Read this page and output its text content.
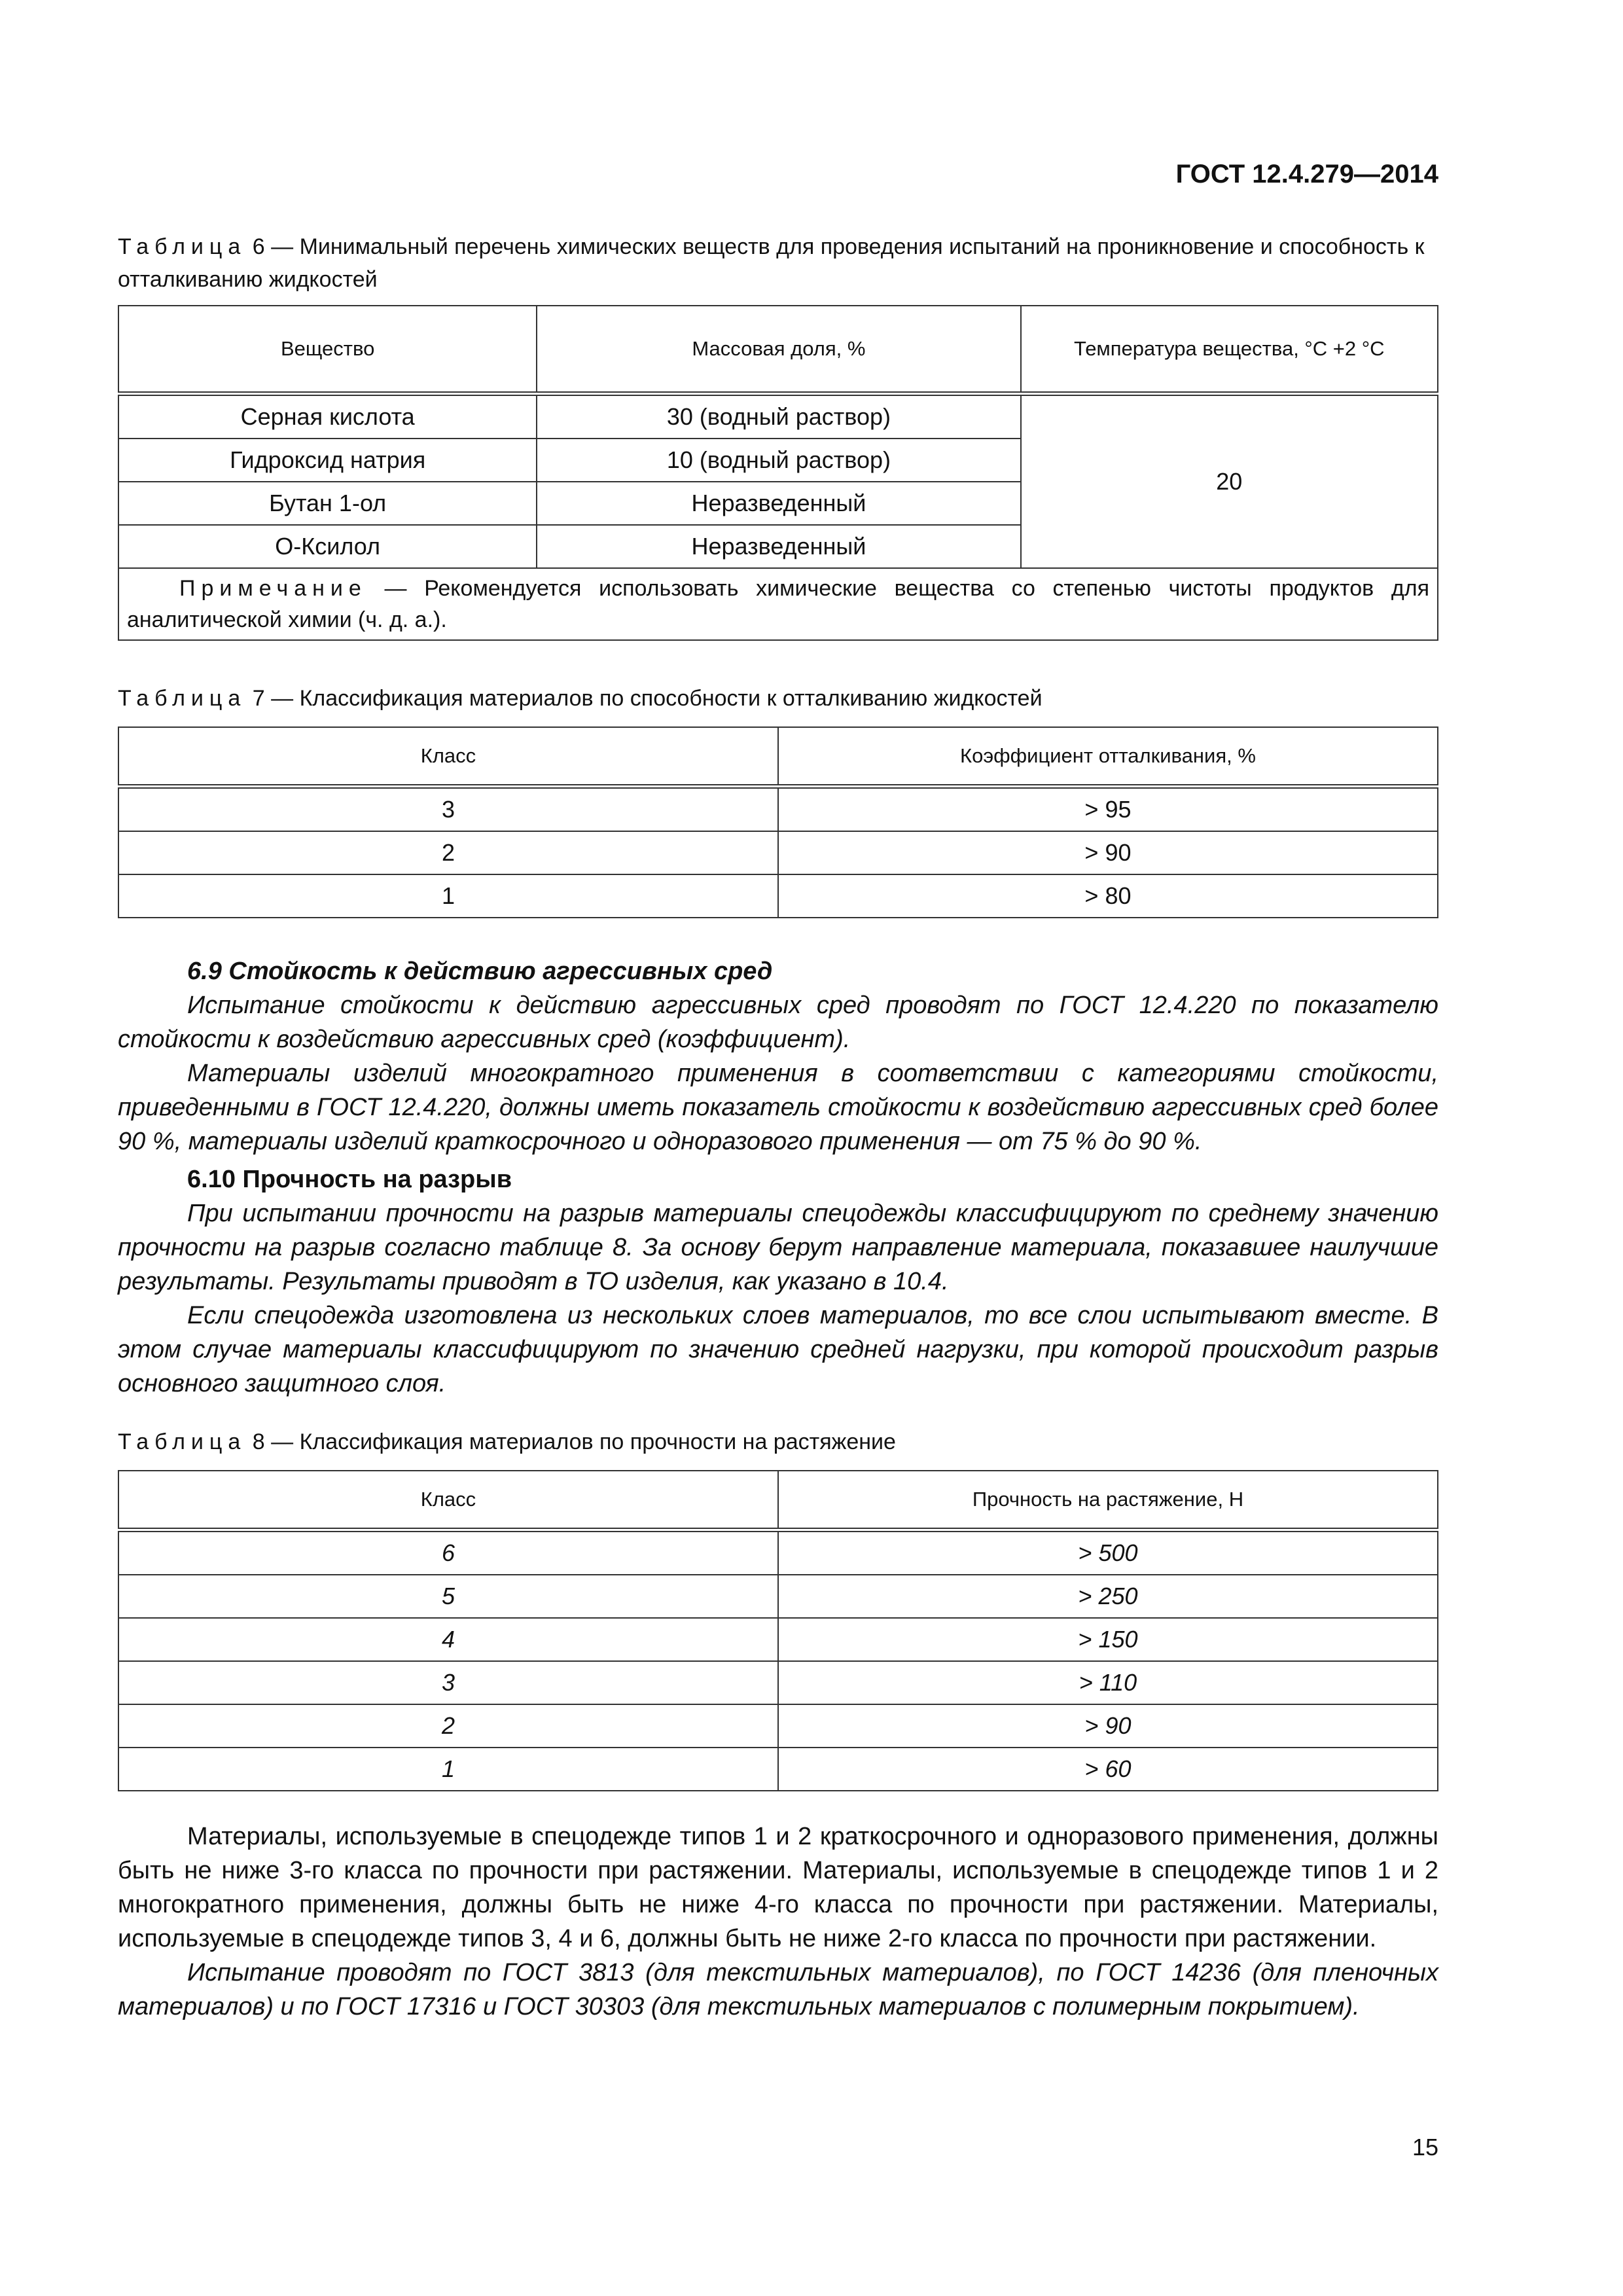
ГОСТ 12.4.279—2014
Таблица 6 — Минимальный перечень химических веществ для проведения испытаний на проникновение и способность к отталкиванию жидкостей
Вещество	Массовая доля, %	Температура вещества, °С +2 °С
Серная кислота	30 (водный раствор)	20
Гидроксид натрия	10 (водный раствор)	
Бутан 1-ол	Неразведенный	
О-Ксилол	Неразведенный	
Примечание — Рекомендуется использовать химические вещества со степенью чистоты продуктов для аналитической химии (ч. д. а.).		
Таблица 7 — Классификация материалов по способности к отталкиванию жидкостей
Класс	Коэффициент отталкивания, %
3	> 95
2	> 90
1	> 80
6.9 Стойкость к действию агрессивных сред

Испытание стойкости к действию агрессивных сред проводят по ГОСТ 12.4.220 по показателю стойкости к воздействию агрессивных сред (коэффициент).

Материалы изделий многократного применения в соответствии с категориями стойкости, приведенными в ГОСТ 12.4.220, должны иметь показатель стойкости к воздействию агрессивных сред более 90 %, материалы изделий краткосрочного и одноразового применения — от 75 % до 90 %.

6.10 Прочность на разрыв

При испытании прочности на разрыв материалы спецодежды классифицируют по среднему значению прочности на разрыв согласно таблице 8. За основу берут направление материала, показавшее наилучшие результаты. Результаты приводят в ТО изделия, как указано в 10.4.

Если спецодежда изготовлена из нескольких слоев материалов, то все слои испытывают вместе. В этом случае материалы классифицируют по значению средней нагрузки, при которой происходит разрыв основного защитного слоя.

Таблица 8 — Классификация материалов по прочности на растяжение
Класс	Прочность на растяжение, Н
6	> 500
5	> 250
4	> 150
3	> 110
2	> 90
1	> 60

Материалы, используемые в спецодежде типов 1 и 2 краткосрочного и одноразового применения, должны быть не ниже 3-го класса по прочности при растяжении. Материалы, используемые в спецодежде типов 1 и 2 многократного применения, должны быть не ниже 4-го класса по прочности при растяжении. Материалы, используемые в спецодежде типов 3, 4 и 6, должны быть не ниже 2-го класса по прочности при растяжении.

Испытание проводят по ГОСТ 3813 (для текстильных материалов), по ГОСТ 14236 (для пленочных материалов) и по ГОСТ 17316 и ГОСТ 30303 (для текстильных материалов с полимерным покрытием).

15
